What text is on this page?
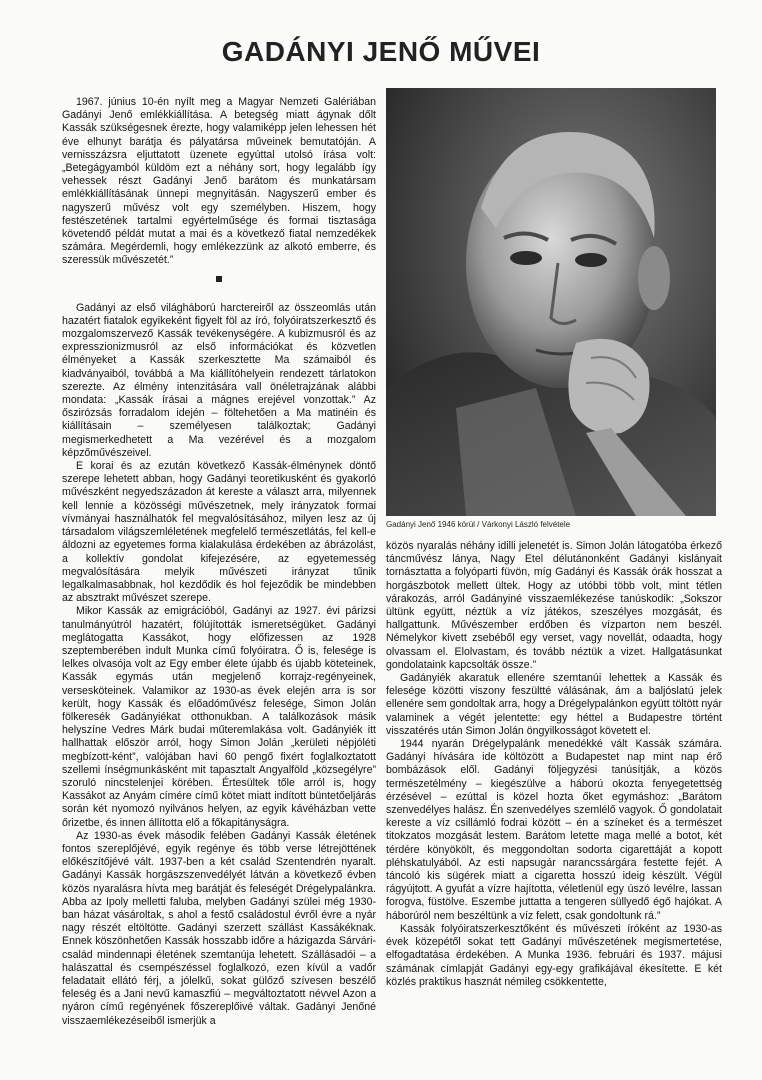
GADÁNYI JENŐ MŰVEI

1967. június 10-én nyílt meg a Magyar Nemzeti Galériában Gadányi Jenő emlékkiállítása. A betegség miatt ágynak dőlt Kassák szükségesnek érezte, hogy valamiképp jelen lehessen hét éve elhunyt barátja és pályatársa műveinek bemutatóján. A vernisszázsra eljuttatott üzenete egyúttal utolsó írása volt: „Betegágyamból küldöm ezt a néhány sort, hogy legalább így vehessek részt Gadányi Jenő barátom és munkatársam emlékkiállításának ünnepi megnyitásán. Nagyszerű ember és nagyszerű művész volt egy személyben. Hiszem, hogy festészetének tartalmi egyértelműsége és formai tisztasága követendő példát mutat a mai és a következő fiatal nemzedékek számára. Megérdemli, hogy emlékezzünk az alkotó emberre, és szeressük művészetét.”

Gadányi az első világháború harctereiről az összeomlás után hazatért fiatalok egyikeként figyelt föl az író, folyóiratszerkesztő és mozgalomszervező Kassák tevékenységére. A kubizmusról és az expresszionizmusról az első információkat és közvetlen élményeket a Kassák szerkesztette Ma számaiból és kiadványaiból, továbbá a Ma kiállítóhelyein rendezett tárlatokon szerezte. Az élmény intenzitására vall önéletrajzának alábbi mondata: „Kassák írásai a mágnes erejével vonzottak.” Az őszirózsás forradalom idején – föltehetően a Ma matinéin és kiállításain – személyesen találkoztak; Gadányi megismerkedhetett a Ma vezérével és a mozgalom képzőművészeivel.

E korai és az ezután következő Kassák-élménynek döntő szerepe lehetett abban, hogy Gadányi teoretikusként és gyakorló művészként negyedszázadon át kereste a választ arra, milyennek kell lennie a közösségi művészetnek, mely irányzatok formai vívmányai használhatók fel megvalósításához, milyen lesz az új társadalom világszemléletének megfelelő természetlátás, fel kell-e áldozni az egyetemes forma kialakulása érdekében az ábrázolást, a kollektív gondolat kifejezésére, az egyetemesség megvalósítására melyik művészeti irányzat tűnik legalkalmasabbnak, hol kezdődik és hol fejeződik be mindebben az absztrakt művészet szerepe.

Mikor Kassák az emigrációból, Gadányi az 1927. évi párizsi tanulmányútról hazatért, fölújították ismeretségüket. Gadányi meglátogatta Kassákot, hogy előfizessen az 1928 szeptemberében indult Munka című folyóiratra. Ő is, felesége is lelkes olvasója volt az Egy ember élete újabb és újabb köteteinek, Kassák egymás után megjelenő korrajz-regényeinek, versesköteinek. Valamikor az 1930-as évek elején arra is sor került, hogy Kassák és előadóművész felesége, Simon Jolán fölkeresék Gadányiékat otthonukban. A találkozások másik helyszíne Vedres Márk budai műteremlakása volt. Gadányiék itt hallhattak először arról, hogy Simon Jolán „kerületi népjóléti megbízott-ként”, valójában havi 60 pengő fixért foglalkoztatott szellemi ínségmunkásként mit tapasztalt Angyalföld „közsegélyre” szoruló nincstelenjei körében. Értesültek tőle arról is, hogy Kassákot az Anyám címére című kötet miatt indított büntetőeljárás során két nyomozó nyilvános helyen, az egyik kávéházban vette őrizetbe, és innen állította elő a főkapitányságra.

Az 1930-as évek második felében Gadányi Kassák életének fontos szereplőjévé, egyik regénye és több verse létrejöttének előkészítőjévé vált. 1937-ben a két család Szentendrén nyaralt. Gadányi Kassák horgászszenvedélyét látván a következő évben közös nyaralásra hívta meg barátját és feleségét Drégelypalánkra. Abba az Ipoly melletti faluba, melyben Gadányi szülei még 1930-ban házat vásároltak, s ahol a festő családostul évről évre a nyár nagy részét eltöltötte. Gadányi szerzett szállást Kassákéknak. Ennek köszönhetően Kassák hosszabb időre a házigazda Sárvári-család mindennapi életének szemtanúja lehetett. Szállásadói – a halászattal és csempészéssel foglalkozó, ezen kívül a vadőr feladatait ellátó férj, a jólelkű, sokat gülőző szívesen beszélő feleség és a Jani nevű kamaszfiú – megváltoztatott névvel Azon a nyáron című regényének főszereplőivé váltak. Gadányi Jenőné visszaemlékezéseiből ismerjük a

Gadányi Jenő 1946 körül / Várkonyi László felvétele

közös nyaralás néhány idilli jelenetét is. Simon Jolán látogatóba érkező táncművész lánya, Nagy Etel délutánonként Gadányi kislányait tornásztatta a folyóparti füvön, míg Gadányi és Kassák órák hosszat a horgászbotok mellett ültek. Hogy az utóbbi több volt, mint tétlen várakozás, arról Gadányiné visszaemlékezése tanúskodik: „Sokszor ültünk együtt, néztük a víz játékos, szeszélyes mozgását, és hallgattunk. Művészember erdőben és vízparton nem beszél. Némelykor kivett zsebéből egy verset, vagy novellát, odaadta, hogy olvassam el. Elolvastam, és tovább néztük a vizet. Hallgatásunkat gondolataink kapcsolták össze.”

Gadányiék akaratuk ellenére szemtanúi lehettek a Kassák és felesége közötti viszony feszültté válásának, ám a baljóslatú jelek ellenére sem gondoltak arra, hogy a Drégelypalánkon együtt töltött nyár valaminek a végét jelentette: egy héttel a Budapestre történt visszatérés után Simon Jolán öngyilkosságot követett el.

1944 nyarán Drégelypalánk menedékké vált Kassák számára. Gadányi hívására ide költözött a Budapestet nap mint nap érő bombázások elől. Gadányi följegyzési tanúsítják, a közös természetélmény – kiegészülve a háború okozta fenyegetettség érzésével – ezúttal is közel hozta őket egymáshoz: „Barátom szenvedélyes halász. Én szenvedélyes szemlélő vagyok. Ő gondolatait kereste a víz csillámló fodrai között – én a színeket és a természet titokzatos mozgását lestem. Barátom letette maga mellé a botot, két térdére könyökölt, és meggondoltan sodorta cigarettáját a kopott pléhskatulyából. Az esti napsugár narancssárgára festette fejét. A táncoló kis sügérek miatt a cigaretta hosszú ideig készült. Végül rágyújtott. A gyufát a vízre hajította, véletlenül egy úszó levélre, lassan forogva, füstölve. Eszembe juttatta a tengeren süllyedő égő hajókat. A háborúról nem beszéltünk a víz felett, csak gondoltunk rá.”

Kassák folyóiratszerkesztőként és művészeti íróként az 1930-as évek közepétől sokat tett Gadányi művészetének megismertetése, elfogadtatása érdekében. A Munka 1936. februári és 1937. májusi számának címlapját Gadányi egy-egy grafikájával ékesítette. E két közlés praktikus hasznát némileg csökkentette,
